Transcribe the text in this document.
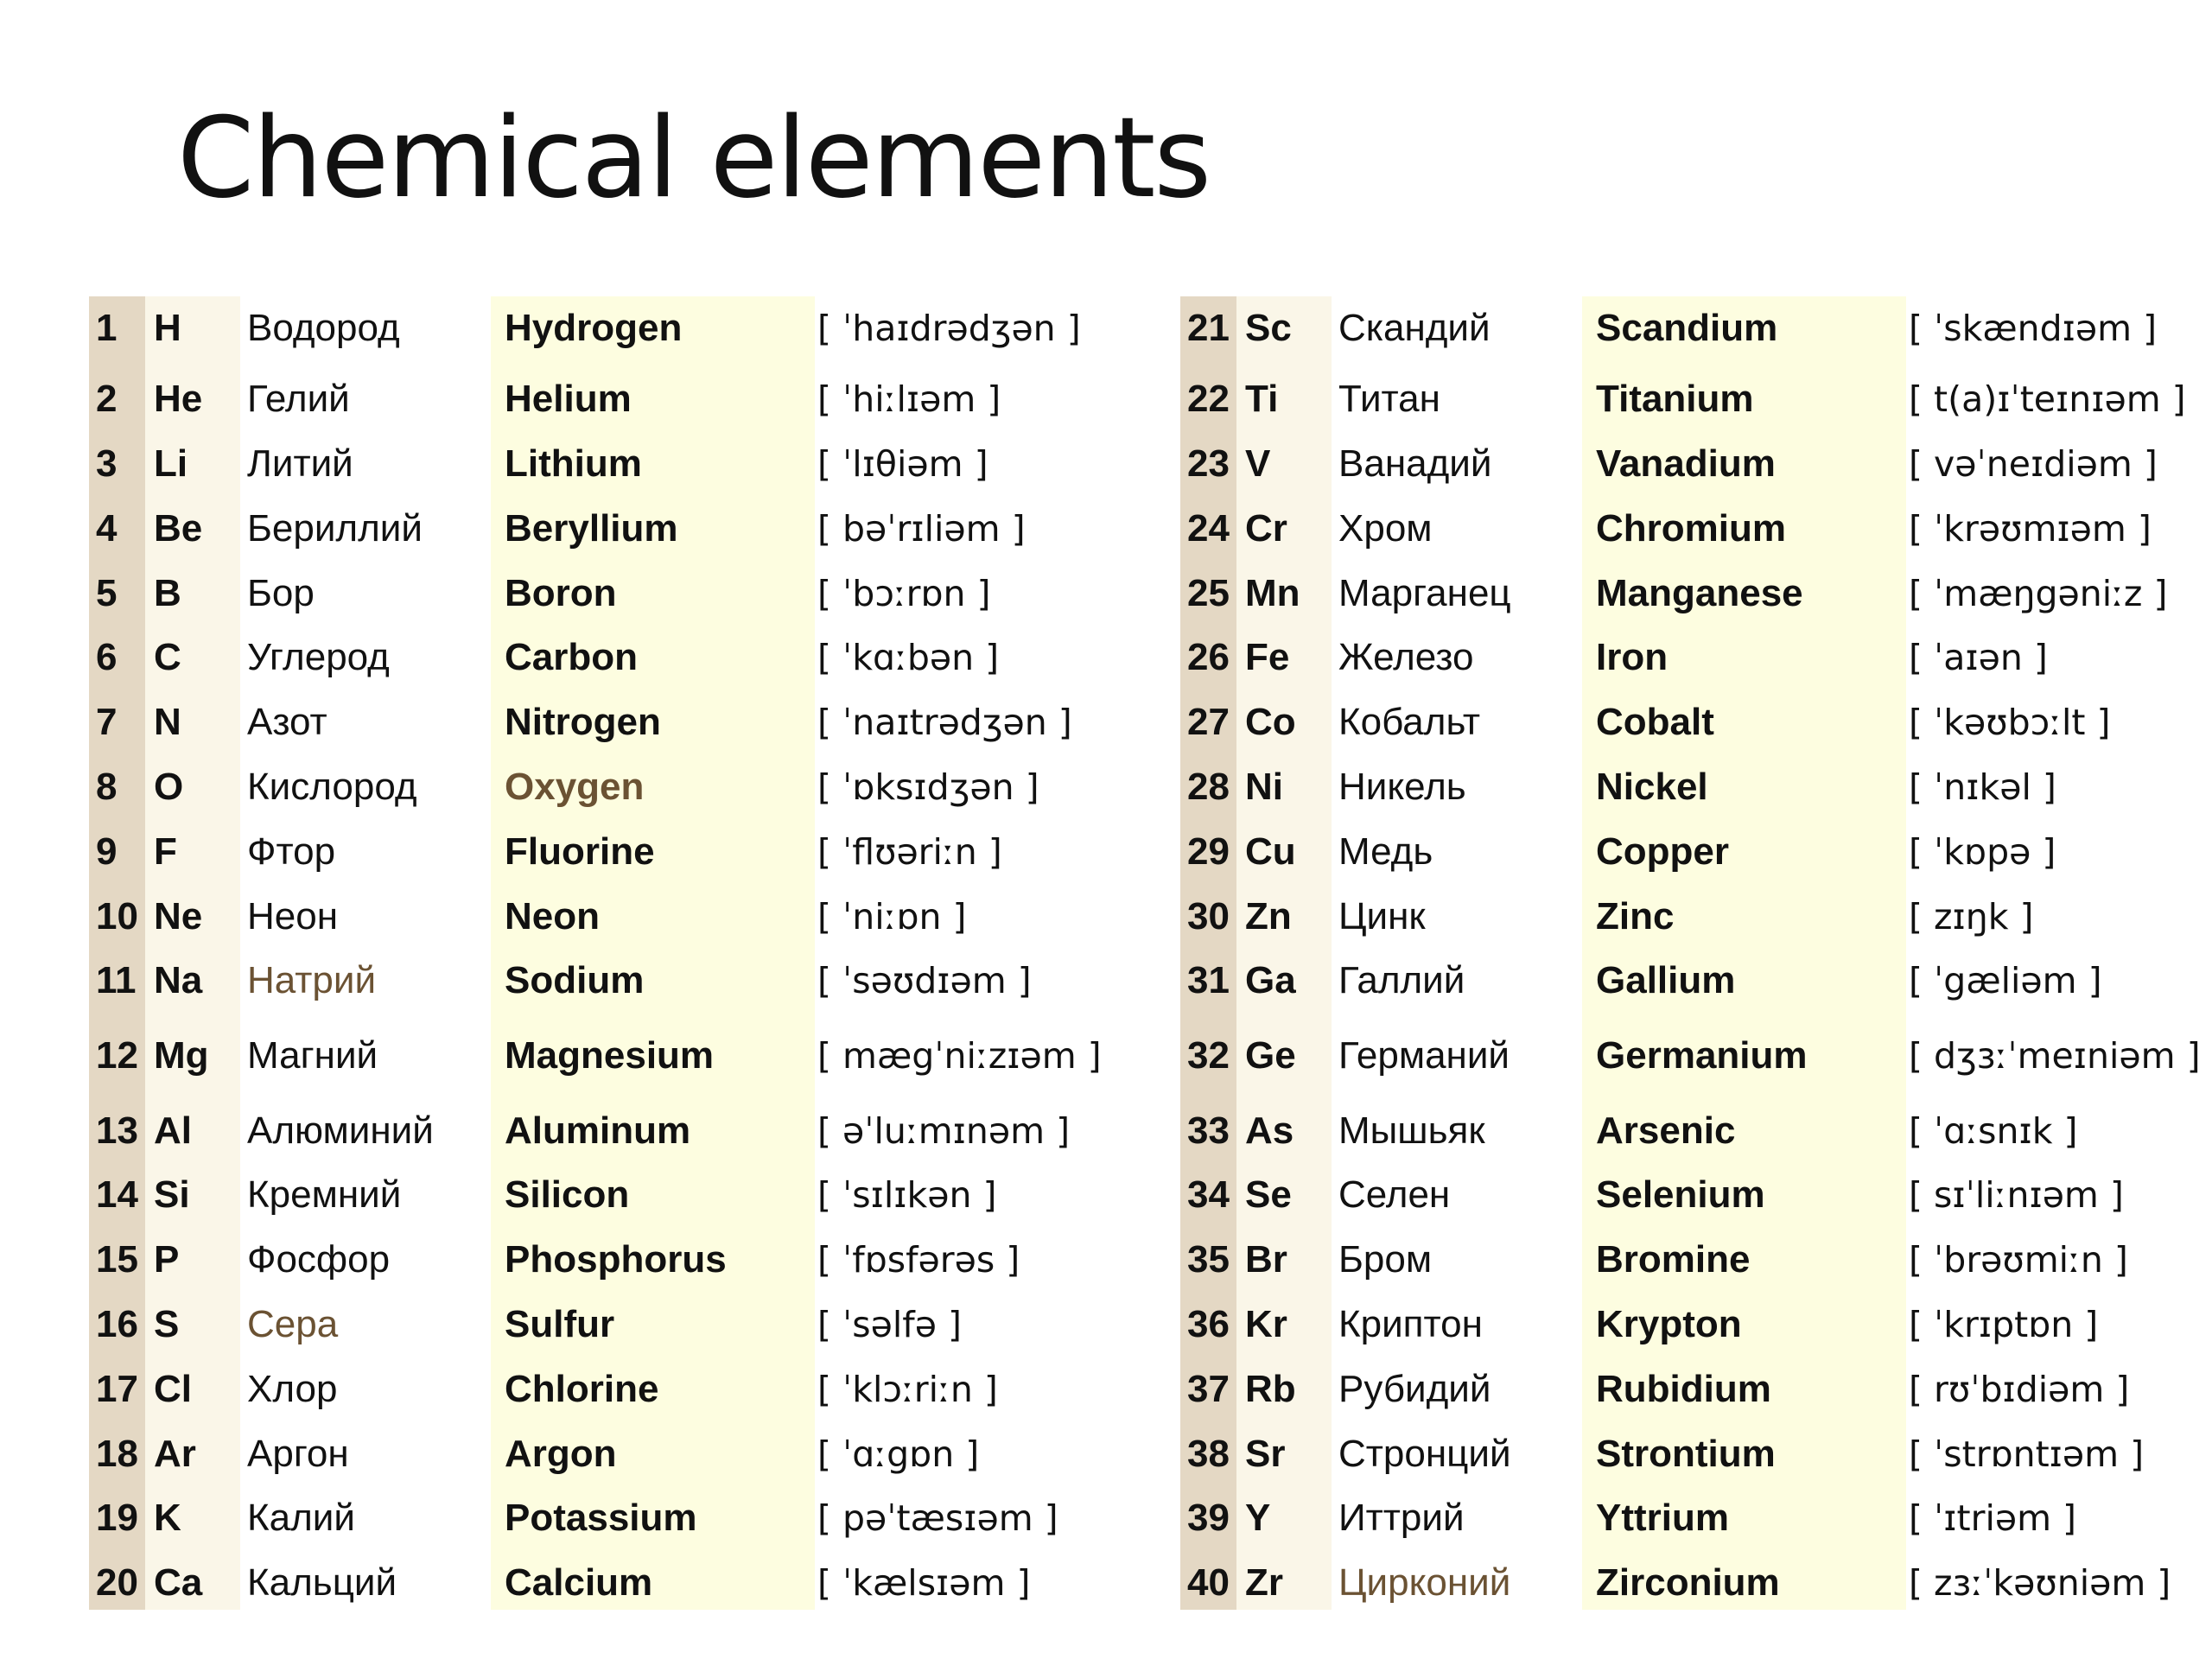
Chemical elements
1 H Водород	Hydrogen	[ ˈhaɪdrədʒən ]
2 He Гелий	Helium	[ ˈhiːlɪəm ]
3 Li Литий	Lithium	[ ˈlɪθiəm ]
4 Be Бериллий Beryllium	[ bəˈrɪliəm ]
5 B Бор	Boron	[ ˈbɔːrɒn ]
6 C Углерод	Carbon	[ ˈkɑːbən ]
7 N Азот	Nitrogen	[ ˈnaɪtrədʒən ]
8 O Кислород Oxygen	[ ˈɒksɪdʒən ]
9 F Фтор	Fluorine	[ ˈflʊəriːn ]
10 Ne Неон	Neon	[ ˈniːɒn ]
11 Na Натрий	Sodium	[ ˈsəʊdɪəm ]
12 Mg Магний	Magnesium	[ mægˈniːzɪəm ]
13 Al Алюминий Aluminum	[ əˈluːmɪnəm ]
14 Si Кремний	Silicon	[ ˈsɪlɪkən ]
15 P Фосфор	Phosphorus	[ ˈfɒsfərəs ]
16 S Сера	Sulfur	[ ˈsəlfə ]
17 Cl Хлор	Chlorine	[ ˈklɔːriːn ]
18 Ar Аргон	Argon	[ ˈɑːgɒn ]
19 K Калий	Potassium	[ pəˈtæsɪəm ]
20 Ca Кальций	Calcium	[ ˈkælsɪəm ]
21 Sc Скандий	Scandium	[ ˈskændɪəm ]
22 Ti Титан	Titanium	[ t(a)ɪˈteɪnɪəm ]
23 V Ванадий	Vanadium	[ vəˈneɪdiəm ]
24 Cr Хром	Chromium	[ ˈkrəʊmɪəm ]
25 Mn Марганец Manganese	[ ˈmæŋgəniːz ]
26 Fe Железо	Iron	[ ˈaɪən ]
27 Co Кобальт	Cobalt	[ ˈkəʊbɔːlt ]
28 Ni Никель	Nickel	[ ˈnɪkəl ]
29 Cu Медь	Copper	[ ˈkɒpə ]
30 Zn Цинк	Zinc	[ zɪŋk ]
31 Ga Галлий	Gallium	[ ˈgæliəm ]
32 Ge Германий Germanium	[ dʒɜːˈmeɪniəm ]
33 As Мышьяк	Arsenic	[ ˈɑːsnɪk ]
34 Se Селен	Selenium	[ sɪˈliːnɪəm ]
35 Br Бром	Bromine	[ ˈbrəʊmiːn ]
36 Kr Криптон	Krypton	[ ˈkrɪptɒn ]
37 Rb Рубидий	Rubidium	[ rʊˈbɪdiəm ]
38 Sr Стронций Strontium	[ ˈstrɒntɪəm ]
39 Y Иттрий	Yttrium	[ ˈɪtriəm ]
40 Zr Цирконий Zirconium	[ zɜːˈkəʊniəm ]
